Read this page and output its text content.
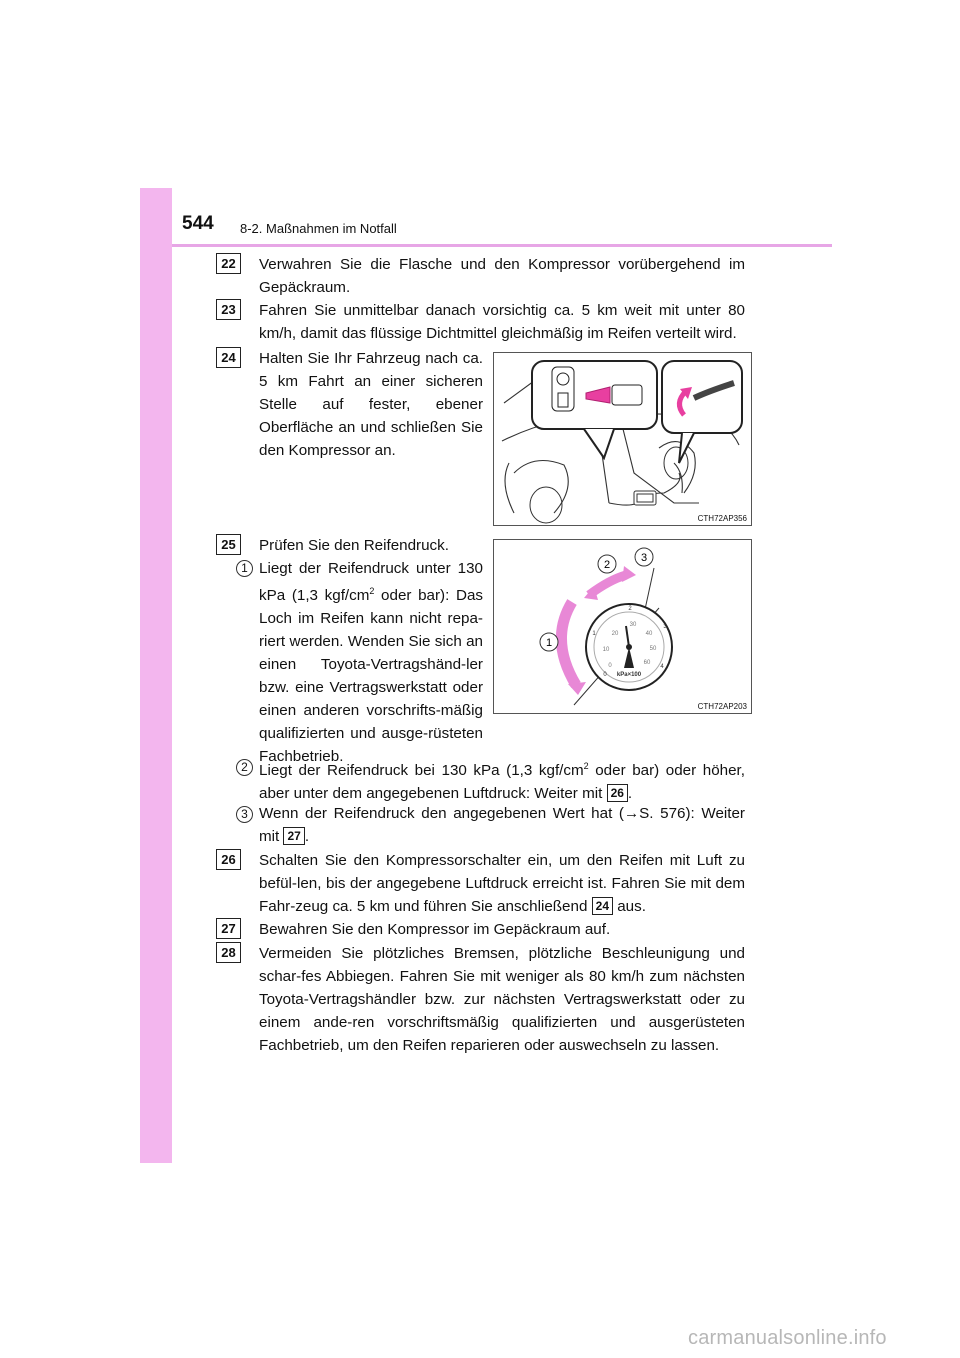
544 8-2. Maßnahmen im Notfall
22	Verwahren Sie die Flasche und den Kompressor vorübergehend im Gepäckraum.
23	Fahren Sie unmittelbar danach vorsichtig ca. 5 km weit mit unter 80 km/h, damit das flüssige Dichtmittel gleichmäßig im Reifen verteilt wird.
24	Halten Sie Ihr Fahrzeug nach ca. 5 km Fahrt an einer sicheren Stelle auf fester, ebener Oberfläche an und schließen Sie den Kompressor an.
CTH72AP356
25	Prüfen Sie den Reifendruck.
1 Liegt der Reifendruck unter 130 kPa (1,3 kgf/$cm^2$ oder bar): Das Loch im Reifen kann nicht repa-riert werden. Wenden Sie sich an einen Toyota-Vertragshänd-ler bzw. eine Vertragswerkstatt oder einen anderen vorschrifts-mäßig qualifizierten und ausge-rüsteten Fachbetrieb.
1
2
3
0
1
2
3
4
0
10
20
30
40
50
60
kPa×100
CTH72AP203
2 Liegt der Reifendruck bei 130 kPa (1,3 kgf/$cm^2$ oder bar) oder höher, aber unter dem angegebenen Luftdruck: Weiter mit 26 .
3 Wenn der Reifendruck den angegebenen Wert hat (→S. 576): Weiter mit 27 .
26	Schalten Sie den Kompressorschalter ein, um den Reifen mit Luft zu befül-len, bis der angegebene Luftdruck erreicht ist. Fahren Sie mit dem Fahr-zeug ca. 5 km und führen Sie anschließend 24 aus.
27	Bewahren Sie den Kompressor im Gepäckraum auf.
28	Vermeiden Sie plötzliches Bremsen, plötzliche Beschleunigung und schar-fes Abbiegen. Fahren Sie mit weniger als 80 km/h zum nächsten Toyota-Vertragshändler bzw. zur nächsten Vertragswerkstatt oder zu einem ande-ren vorschriftsmäßig qualifizierten und ausgerüsteten Fachbetrieb, um den Reifen reparieren oder auswechseln zu lassen.
carmanualsonline.info
